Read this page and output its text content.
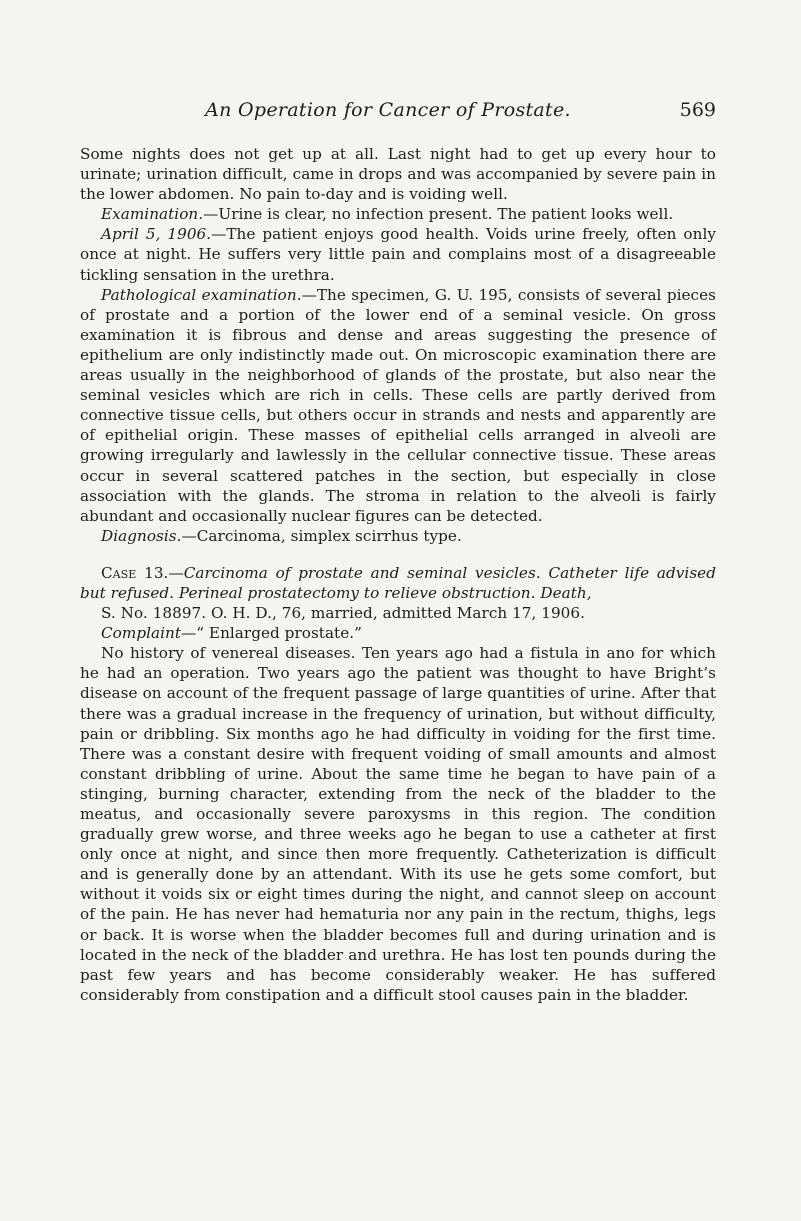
An Operation for Cancer of Prostate.	569

Some nights does not get up at all. Last night had to get up every hour to urinate; urination difficult, came in drops and was accompanied by severe pain in the lower abdomen. No pain to-day and is voiding well.

Examination.—Urine is clear, no infection present. The patient looks well.

April 5, 1906.—The patient enjoys good health. Voids urine freely, often only once at night. He suffers very little pain and complains most of a disagreeable tickling sensation in the urethra.

Pathological examination.—The specimen, G. U. 195, consists of several pieces of prostate and a portion of the lower end of a seminal vesicle. On gross examination it is fibrous and dense and areas suggesting the presence of epithelium are only indistinctly made out. On microscopic examination there are areas usually in the neighborhood of glands of the prostate, but also near the seminal vesicles which are rich in cells. These cells are partly derived from connective tissue cells, but others occur in strands and nests and apparently are of epithelial origin. These masses of epithelial cells arranged in alveoli are growing irregularly and lawlessly in the cellular connective tissue. These areas occur in several scattered patches in the section, but especially in close association with the glands. The stroma in relation to the alveoli is fairly abundant and occasionally nuclear figures can be detected.

Diagnosis.—Carcinoma, simplex scirrhus type.

Case 13.—Carcinoma of prostate and seminal vesicles. Catheter life advised but refused. Perineal prostatectomy to relieve obstruction. Death,

S. No. 18897. O. H. D., 76, married, admitted March 17, 1906.

Complaint—“ Enlarged prostate.”

No history of venereal diseases. Ten years ago had a fistula in ano for which he had an operation. Two years ago the patient was thought to have Bright’s disease on account of the frequent passage of large quantities of urine. After that there was a gradual increase in the frequency of urination, but without difficulty, pain or dribbling. Six months ago he had difficulty in voiding for the first time. There was a constant desire with frequent voiding of small amounts and almost constant dribbling of urine. About the same time he began to have pain of a stinging, burning character, extending from the neck of the bladder to the meatus, and occasionally severe paroxysms in this region. The condition gradually grew worse, and three weeks ago he began to use a catheter at first only once at night, and since then more frequently. Catheterization is difficult and is generally done by an attendant. With its use he gets some comfort, but without it voids six or eight times during the night, and cannot sleep on account of the pain. He has never had hematuria nor any pain in the rectum, thighs, legs or back. It is worse when the bladder becomes full and during urination and is located in the neck of the bladder and urethra. He has lost ten pounds during the past few years and has become considerably weaker. He has suffered considerably from constipation and a difficult stool causes pain in the bladder.
